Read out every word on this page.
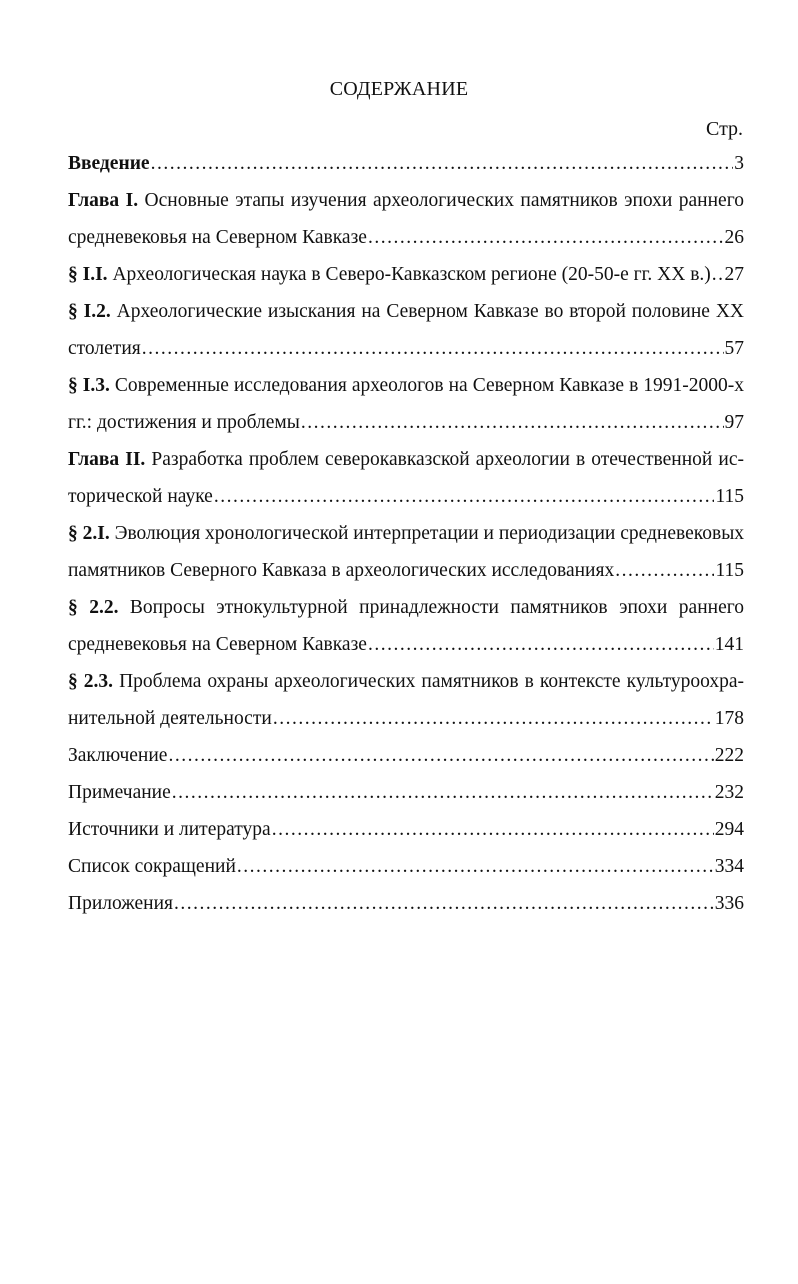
СОДЕРЖАНИЕ
Стр.
Введение .....	3
Глава I. Основные этапы изучения археологических памятников эпохи раннего
средневековья на Северном Кавказе .....	26
§ I.I.
Археологическая наука в Северо-Кавказском регионе (20-50-е гг. XX в.) ..... 27
§ I.2. Археологические изыскания на Северном Кавказе во второй половине XX
столетия .....	57
§ I.3. Современные исследования археологов на Северном Кавказе в 1991-2000-х
гг.: достижения и проблемы .....	97
Глава II. Разработка проблем северокавказской археологии в отечественной ис-
торической науке .....	115
§ 2.I. Эволюция хронологической интерпретации и периодизации средневековых
памятников Северного Кавказа в археологических исследованиях .....	115
§ 2.2. Вопросы этнокультурной принадлежности памятников эпохи раннего
средневековья на Северном Кавказе .....	141
§ 2.3. Проблема охраны археологических памятников в контексте культуроохра-
нительной деятельности .....	178
Заключение .....	222
Примечание .....	232
Источники и литература .....	294
Список сокращений .....	334
Приложения .....	336
